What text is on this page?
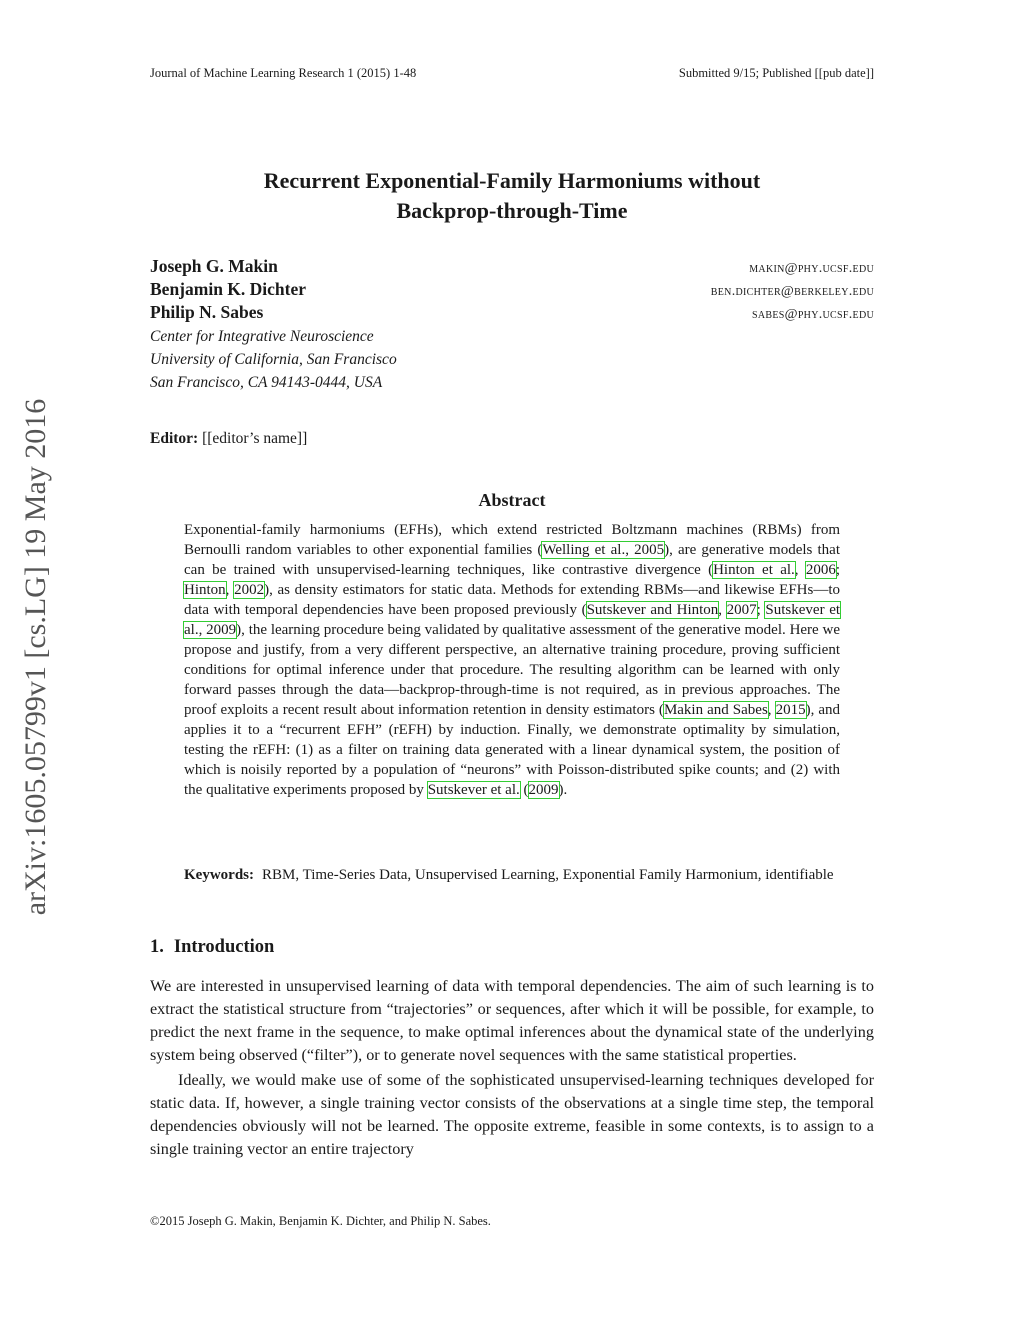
Journal of Machine Learning Research 1 (2015) 1-48	Submitted 9/15; Published [[pub date]]
arXiv:1605.05799v1 [cs.LG] 19 May 2016
Recurrent Exponential-Family Harmoniums without
Backprop-through-Time
Joseph G. Makin	makin@phy.ucsf.edu
Benjamin K. Dichter	ben.dichter@berkeley.edu
Philip N. Sabes	sabes@phy.ucsf.edu
Center for Integrative Neuroscience
University of California, San Francisco
San Francisco, CA 94143-0444, USA
Editor: [[editor’s name]]
Abstract
Exponential-family harmoniums (EFHs), which extend restricted Boltzmann machines (RBMs) from Bernoulli random variables to other exponential families (Welling et al., 2005), are generative models that can be trained with unsupervised-learning techniques, like contrastive divergence (Hinton et al., 2006; Hinton, 2002), as density estimators for static data. Methods for extending RBMs—and likewise EFHs—to data with temporal dependencies have been proposed previously (Sutskever and Hinton, 2007; Sutskever et al., 2009), the learning procedure being validated by qualitative assessment of the generative model. Here we propose and justify, from a very different perspective, an alternative training procedure, proving sufficient conditions for optimal inference under that procedure. The resulting algorithm can be learned with only forward passes through the data—backprop-through-time is not required, as in previous approaches. The proof exploits a recent result about information retention in density estimators (Makin and Sabes, 2015), and applies it to a “recurrent EFH” (rEFH) by induction. Finally, we demonstrate optimality by simulation, testing the rEFH: (1) as a filter on training data generated with a linear dynamical system, the position of which is noisily reported by a population of “neurons” with Poisson-distributed spike counts; and (2) with the qualitative experiments proposed by Sutskever et al. (2009).
Keywords: RBM, Time-Series Data, Unsupervised Learning, Exponential Family Harmonium, identifiable
1. Introduction

We are interested in unsupervised learning of data with temporal dependencies. The aim of such learning is to extract the statistical structure from “trajectories” or sequences, after which it will be possible, for example, to predict the next frame in the sequence, to make optimal inferences about the dynamical state of the underlying system being observed (“filter”), or to generate novel sequences with the same statistical properties.

Ideally, we would make use of some of the sophisticated unsupervised-learning techniques developed for static data. If, however, a single training vector consists of the observations at a single time step, the temporal dependencies obviously will not be learned. The opposite extreme, feasible in some contexts, is to assign to a single training vector an entire trajectory

©2015 Joseph G. Makin, Benjamin K. Dichter, and Philip N. Sabes.
